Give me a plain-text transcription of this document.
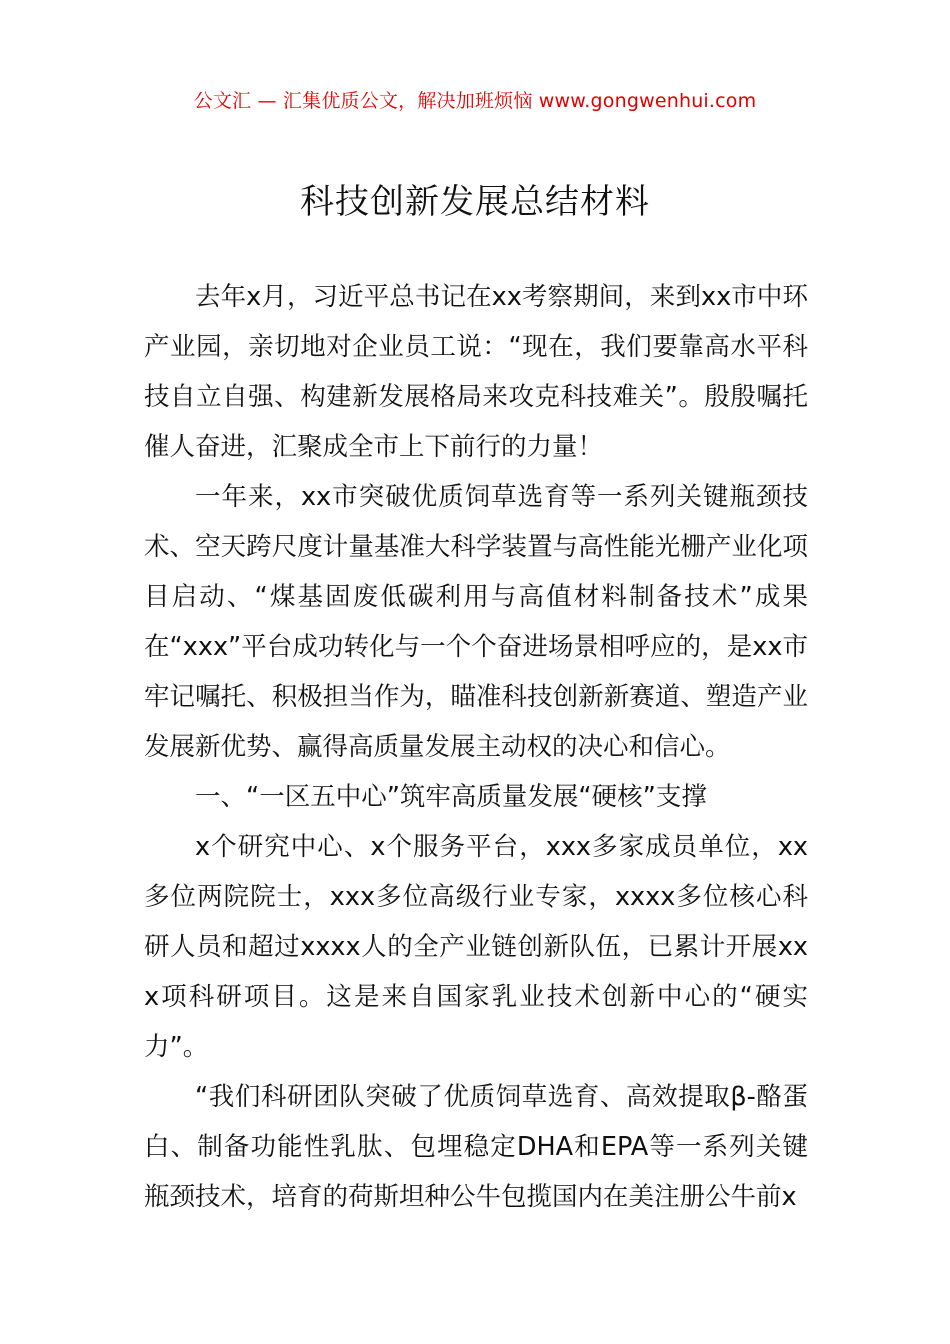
公文汇 — 汇集优质公文，解决加班烦恼 www.gongwenhui.com
科技创新发展总结材料

去年x月，习近平总书记在xx考察期间，来到xx市中环产业园，亲切地对企业员工说：“现在，我们要靠高水平科技自立自强、构建新发展格局来攻克科技难关”。殷殷嘱托催人奋进，汇聚成全市上下前行的力量！

一年来，xx市突破优质饲草选育等一系列关键瓶颈技术、空天跨尺度计量基准大科学装置与高性能光栅产业化项目启动、“煤基固废低碳利用与高值材料制备技术”成果在“xxx”平台成功转化与一个个奋进场景相呼应的，是xx市牢记嘱托、积极担当作为，瞄准科技创新新赛道、塑造产业发展新优势、赢得高质量发展主动权的决心和信心。

一、“一区五中心”筑牢高质量发展“硬核”支撑

x个研究中心、x个服务平台，xxx多家成员单位，xx多位两院院士，xxx多位高级行业专家，xxxx多位核心科研人员和超过xxxx人的全产业链创新队伍，已累计开展xxx项科研项目。这是来自国家乳业技术创新中心的“硬实力”。

“我们科研团队突破了优质饲草选育、高效提取β-酪蛋白、制备功能性乳肽、包埋稳定DHA和EPA等一系列关键瓶颈技术，培育的荷斯坦种公牛包揽国内在美注册公牛前x
